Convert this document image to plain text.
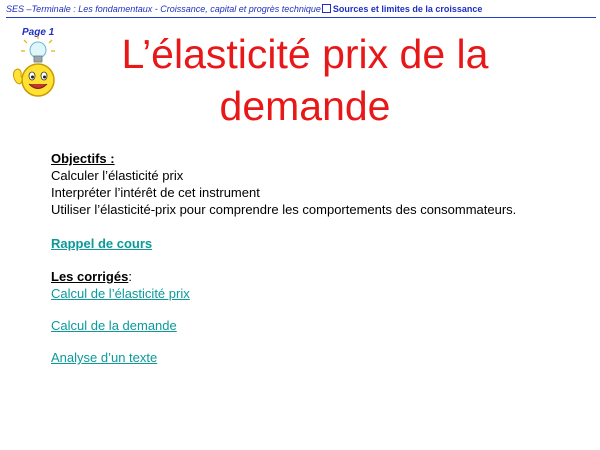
SES –Terminale : Les fondamentaux - Croissance, capital et progrès technique Sources et limites de la croissance
Page 1	L’élasticité prix de la
demande
Objectifs :
Calculer l’élasticité prix
Interpréter l’intérêt de cet instrument
Utiliser l’élasticité-prix pour comprendre les comportements des consommateurs.
Rappel de cours
Les corrigés:
Calcul de l’élasticité prix
Calcul de la demande
Analyse d’un texte
